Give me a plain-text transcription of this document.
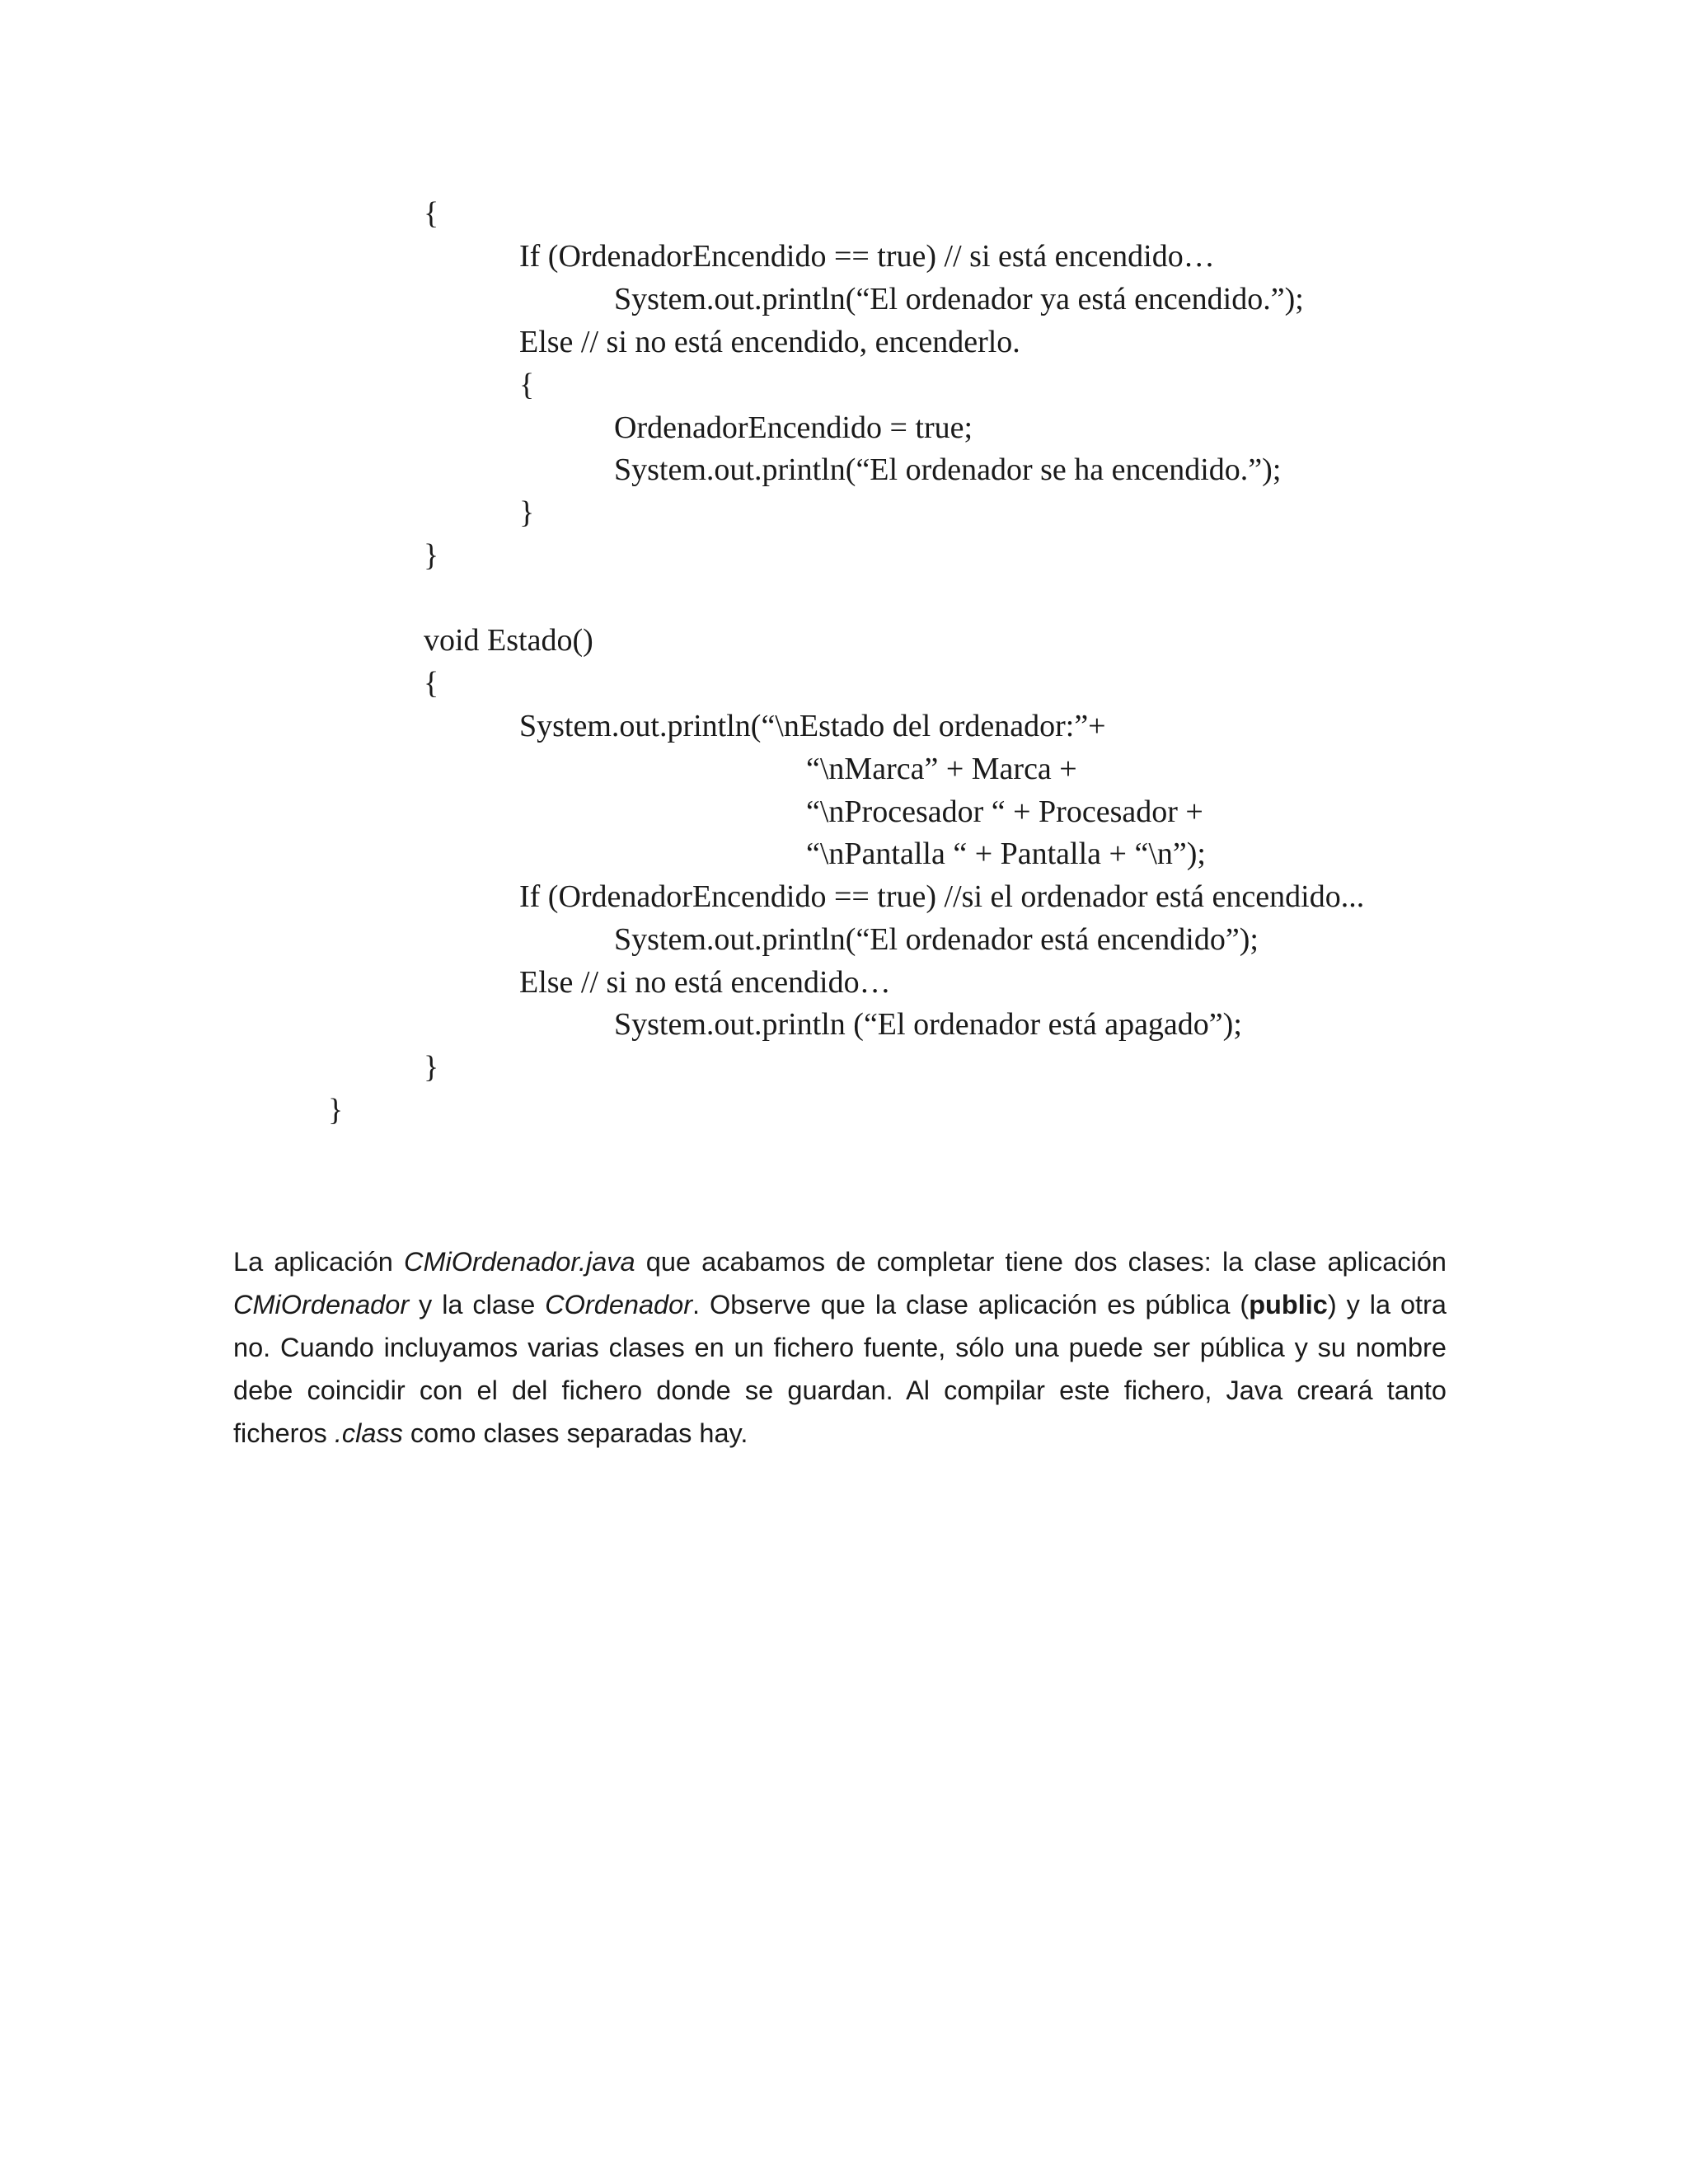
{
If (OrdenadorEncendido == true) // si está encendido…
System.out.println(“El ordenador ya está encendido.”);
Else // si no está encendido, encenderlo.
{
OrdenadorEncendido = true;
System.out.println(“El ordenador se ha encendido.”);
}
}
void Estado()
{
System.out.println(“\nEstado del ordenador:”+
“\nMarca” + Marca +
“\nProcesador “ + Procesador +
“\nPantalla “ + Pantalla + “\n”);
If (OrdenadorEncendido == true) //si el ordenador está encendido...
System.out.println(“El ordenador está encendido”);
Else // si no está encendido…
System.out.println (“El ordenador está apagado”);
}
}
La aplicación CMiOrdenador.java que acabamos de completar tiene dos clases: la clase aplicación
CMiOrdenador y la clase COrdenador. Observe que la clase aplicación es pública (public) y la otra
no. Cuando incluyamos varias clases en un fichero fuente, sólo una puede ser pública y su nombre
debe coincidir con el del fichero donde se guardan. Al compilar este fichero, Java creará tanto
ficheros .class como clases separadas hay.
